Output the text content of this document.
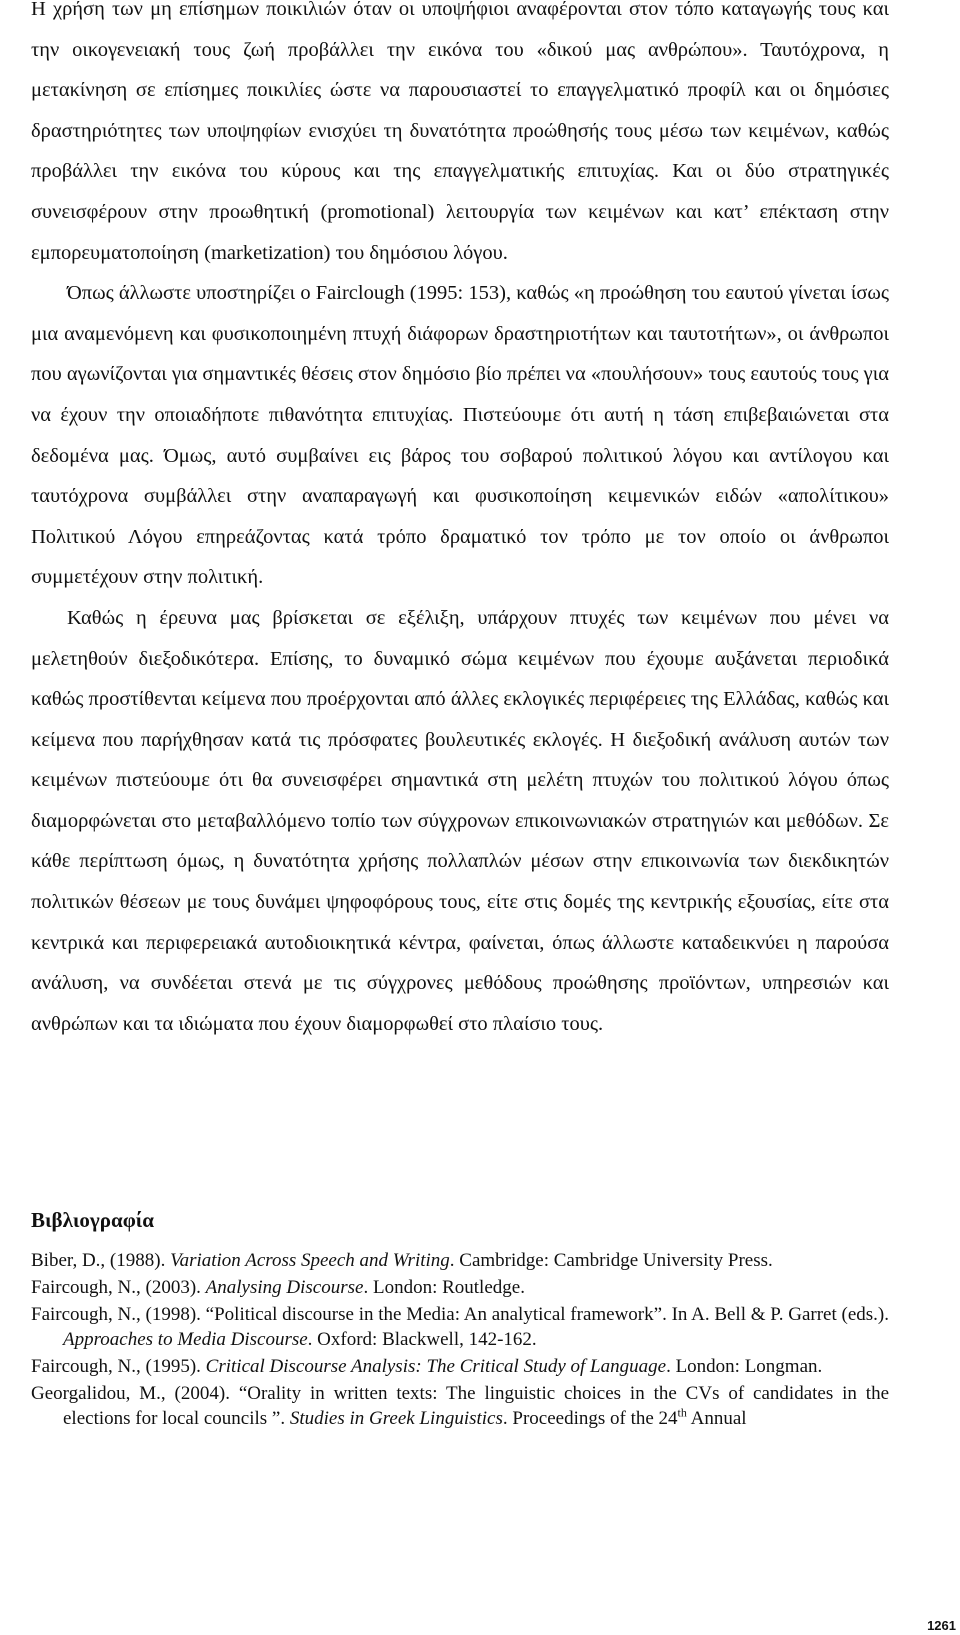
Η χρήση των μη επίσημων ποικιλιών όταν οι υποψήφιοι αναφέρονται στον τόπο καταγωγής τους και την οικογενειακή τους ζωή προβάλλει την εικόνα του «δικού μας ανθρώπου». Ταυτόχρονα, η μετακίνηση σε επίσημες ποικιλίες ώστε να παρουσιαστεί το επαγγελματικό προφίλ και οι δημόσιες δραστηριότητες των υποψηφίων ενισχύει τη δυνατότητα προώθησής τους μέσω των κειμένων, καθώς προβάλλει την εικόνα του κύρους και της επαγγελματικής επιτυχίας. Και οι δύο στρατηγικές συνεισφέρουν στην προωθητική (promotional) λειτουργία των κειμένων και κατ’ επέκταση στην εμπορευματοποίηση (marketization) του δημόσιου λόγου.

Όπως άλλωστε υποστηρίζει ο Fairclough (1995: 153), καθώς «η προώθηση του εαυτού γίνεται ίσως μια αναμενόμενη και φυσικοποιημένη πτυχή διάφορων δραστηριοτήτων και ταυτοτήτων», οι άνθρωποι που αγωνίζονται για σημαντικές θέσεις στον δημόσιο βίο πρέπει να «πουλήσουν» τους εαυτούς τους για να έχουν την οποιαδήποτε πιθανότητα επιτυχίας. Πιστεύουμε ότι αυτή η τάση επιβεβαιώνεται στα δεδομένα μας. Όμως, αυτό συμβαίνει εις βάρος του σοβαρού πολιτικού λόγου και αντίλογου και ταυτόχρονα συμβάλλει στην αναπαραγωγή και φυσικοποίηση κειμενικών ειδών «απολίτικου» Πολιτικού Λόγου επηρεάζοντας κατά τρόπο δραματικό τον τρόπο με τον οποίο οι άνθρωποι συμμετέχουν στην πολιτική.

Καθώς η έρευνα μας βρίσκεται σε εξέλιξη, υπάρχουν πτυχές των κειμένων που μένει να μελετηθούν διεξοδικότερα. Επίσης, το δυναμικό σώμα κειμένων που έχουμε αυξάνεται περιοδικά καθώς προστίθενται κείμενα που προέρχονται από άλλες εκλογικές περιφέρειες της Ελλάδας, καθώς και κείμενα που παρήχθησαν κατά τις πρόσφατες βουλευτικές εκλογές. Η διεξοδική ανάλυση αυτών των κειμένων πιστεύουμε ότι θα συνεισφέρει σημαντικά στη μελέτη πτυχών του πολιτικού λόγου όπως διαμορφώνεται στο μεταβαλλόμενο τοπίο των σύγχρονων επικοινωνιακών στρατηγιών και μεθόδων. Σε κάθε περίπτωση όμως, η δυνατότητα χρήσης πολλαπλών μέσων στην επικοινωνία των διεκδικητών πολιτικών θέσεων με τους δυνάμει ψηφοφόρους τους, είτε στις δομές της κεντρικής εξουσίας, είτε στα κεντρικά και περιφερειακά αυτοδιοικητικά κέντρα, φαίνεται, όπως άλλωστε καταδεικνύει η παρούσα ανάλυση, να συνδέεται στενά με τις σύγχρονες μεθόδους προώθησης προϊόντων, υπηρεσιών και ανθρώπων και τα ιδιώματα που έχουν διαμορφωθεί στο πλαίσιο τους.

Βιβλιογραφία
Biber, D., (1988). Variation Across Speech and Writing. Cambridge: Cambridge University Press.
Faircough, N., (2003). Analysing Discourse. London: Routledge.
Faircough, N., (1998). “Political discourse in the Media: An analytical framework”. In A. Bell & P. Garret (eds.). Approaches to Media Discourse. Oxford: Blackwell, 142-162.
Faircough, N., (1995). Critical Discourse Analysis: The Critical Study of Language. London: Longman.
Georgalidou, M., (2004). “Orality in written texts: The linguistic choices in the CVs of candidates in the elections for local councils ”. Studies in Greek Linguistics. Proceedings of the 24th Annual
1261
